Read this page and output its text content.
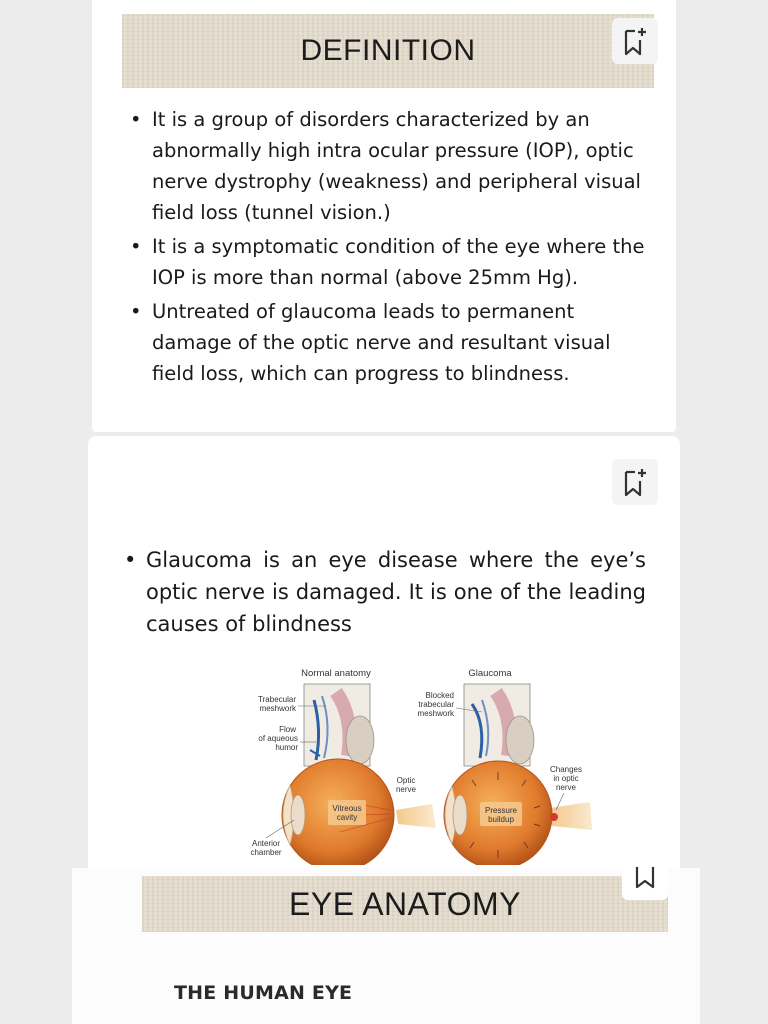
DEFINITION
• It is a group of disorders characterized by an abnormally high intra ocular pressure (IOP), optic nerve dystrophy (weakness) and peripheral visual field loss (tunnel vision.)
• It is a symptomatic condition of the eye where the IOP is more than normal (above 25mm Hg).
• Untreated of glaucoma leads to permanent damage of the optic nerve and resultant visual field loss, which can progress to blindness.
• Glaucoma is an eye disease where the eye’s optic nerve is damaged. It is one of the leading causes of blindness
Normal anatomy	Glaucoma
Trabecular
meshwork
Flow
of aqueous
humor
Blocked
trabecular
meshwork
Vitreous
cavity
Optic
nerve
Anterior
chamber
Pressure
buildup
Changes
in optic
nerve
EYE ANATOMY
THE HUMAN EYE
